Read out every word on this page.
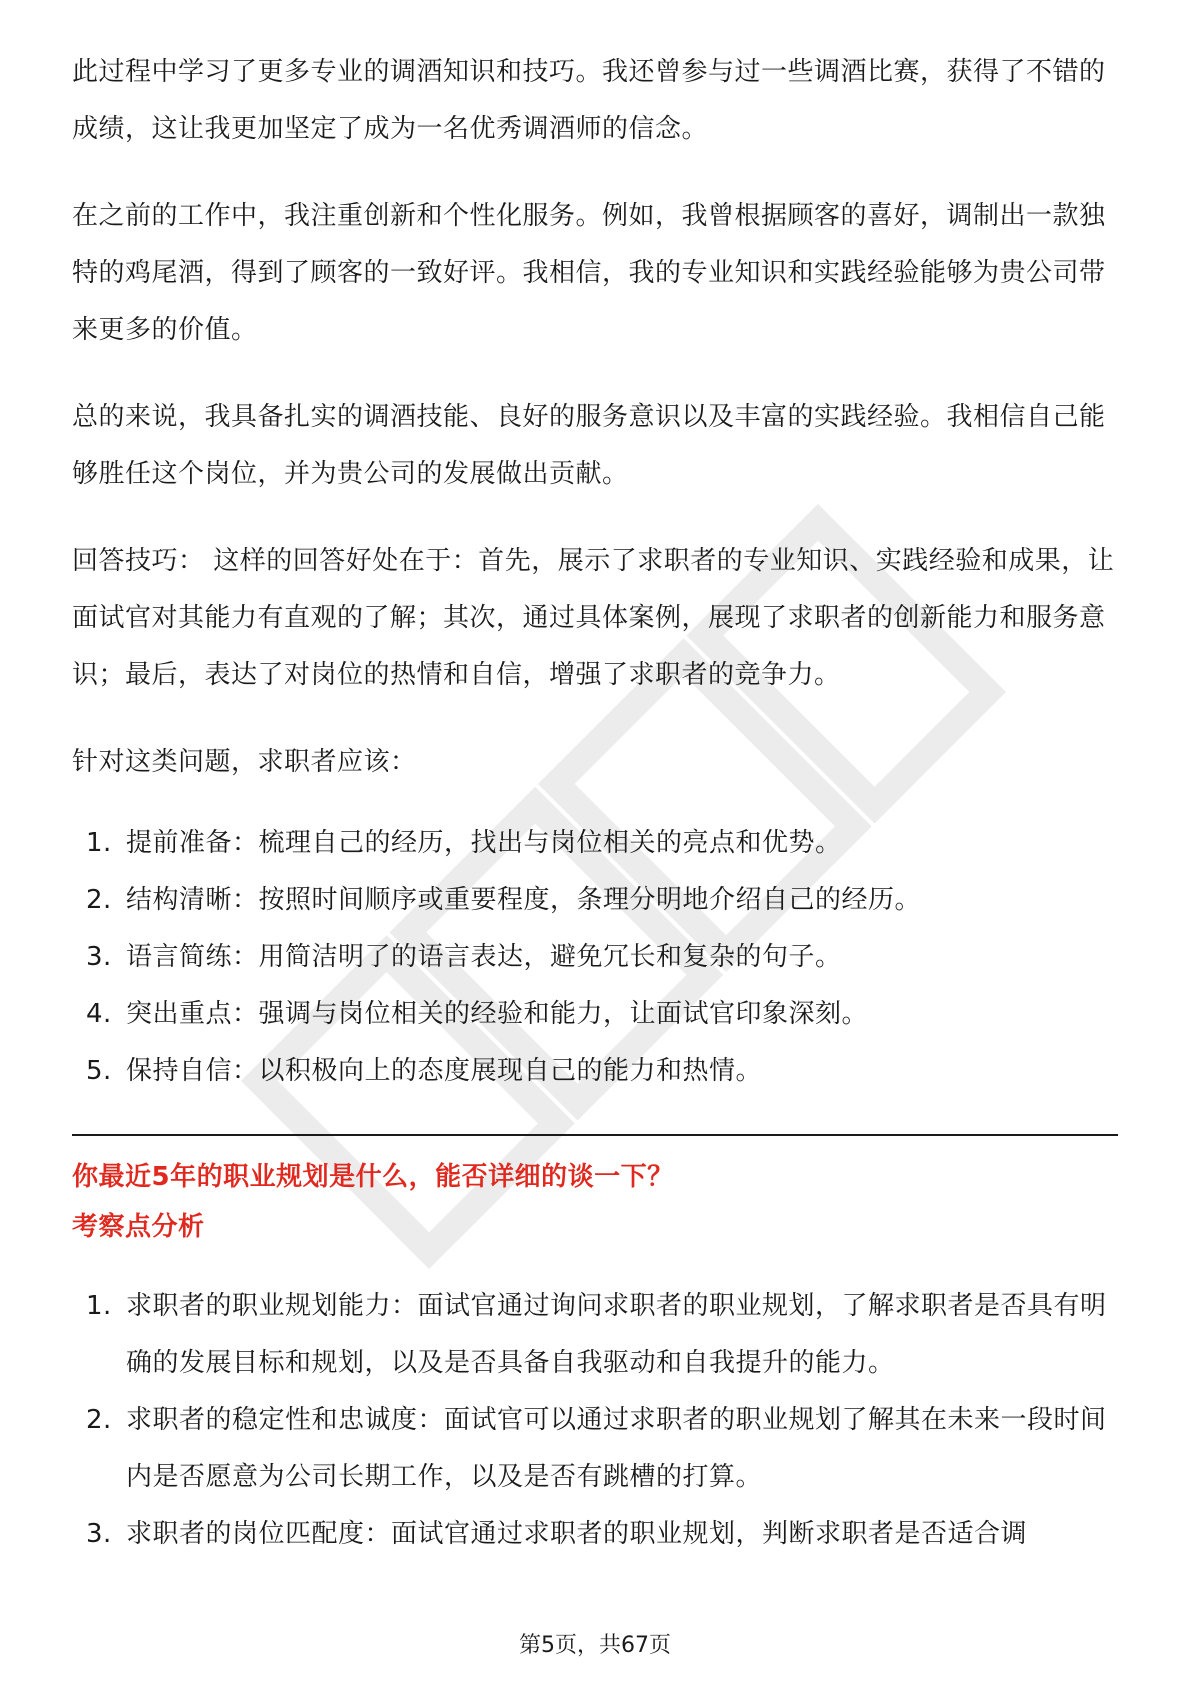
此过程中学习了更多专业的调酒知识和技巧。我还曾参与过一些调酒比赛，获得了不错的成绩，这让我更加坚定了成为一名优秀调酒师的信念。

在之前的工作中，我注重创新和个性化服务。例如，我曾根据顾客的喜好，调制出一款独特的鸡尾酒，得到了顾客的一致好评。我相信，我的专业知识和实践经验能够为贵公司带来更多的价值。

总的来说，我具备扎实的调酒技能、良好的服务意识以及丰富的实践经验。我相信自己能够胜任这个岗位，并为贵公司的发展做出贡献。

回答技巧： 这样的回答好处在于：首先，展示了求职者的专业知识、实践经验和成果，让面试官对其能力有直观的了解；其次，通过具体案例，展现了求职者的创新能力和服务意识；最后，表达了对岗位的热情和自信，增强了求职者的竞争力。

针对这类问题，求职者应该：

1. 提前准备：梳理自己的经历，找出与岗位相关的亮点和优势。
2. 结构清晰：按照时间顺序或重要程度，条理分明地介绍自己的经历。
3. 语言简练：用简洁明了的语言表达，避免冗长和复杂的句子。
4. 突出重点：强调与岗位相关的经验和能力，让面试官印象深刻。
5. 保持自信：以积极向上的态度展现自己的能力和热情。
你最近5年的职业规划是什么，能否详细的谈一下？
考察点分析
1. 求职者的职业规划能力：面试官通过询问求职者的职业规划，了解求职者是否具有明确的发展目标和规划，以及是否具备自我驱动和自我提升的能力。
2. 求职者的稳定性和忠诚度：面试官可以通过求职者的职业规划了解其在未来一段时间内是否愿意为公司长期工作，以及是否有跳槽的打算。
3. 求职者的岗位匹配度：面试官通过求职者的职业规划，判断求职者是否适合调
第5页，共67页
